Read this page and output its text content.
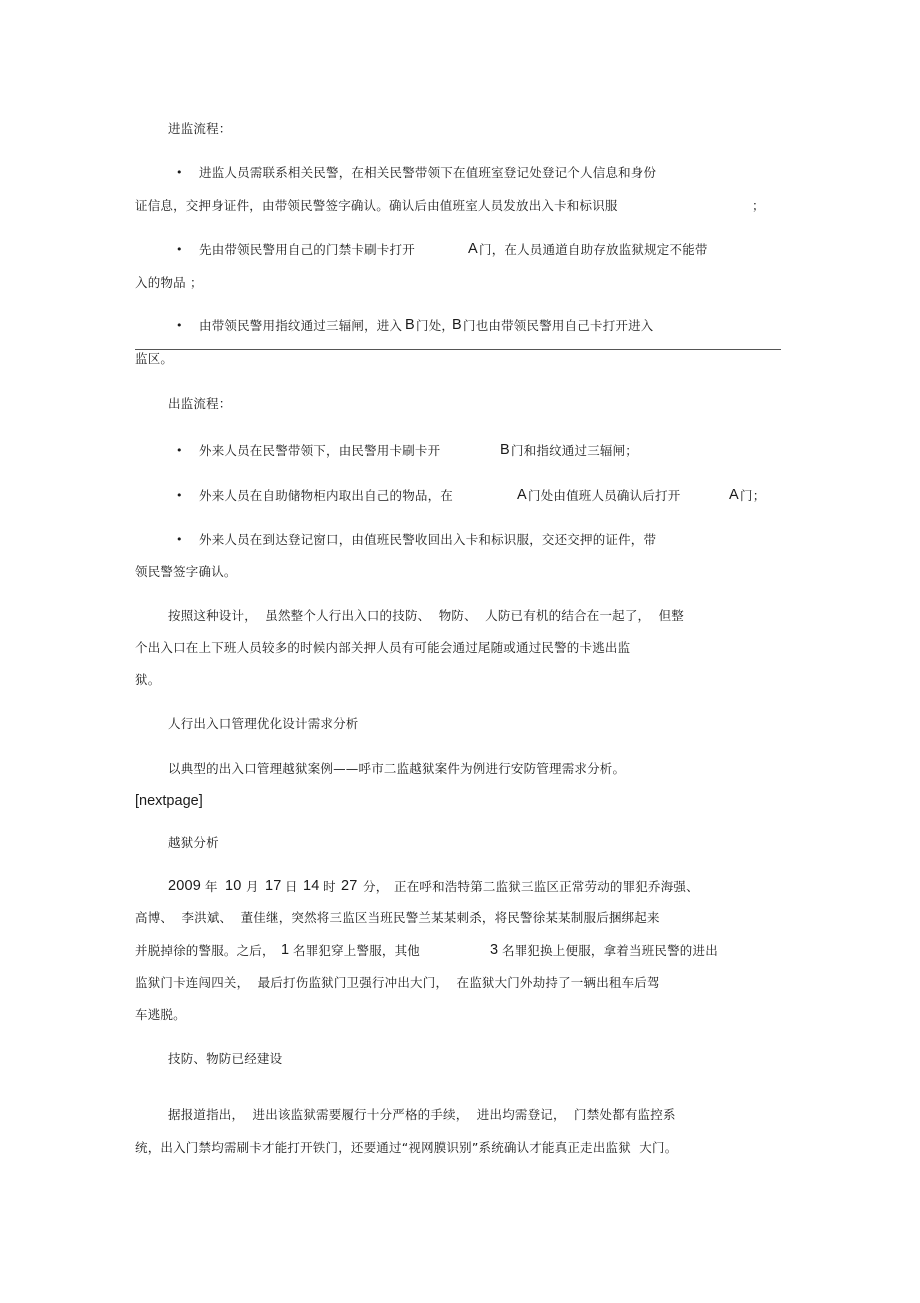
进监流程：
• 进监人员需联系相关民警，在相关民警带领下在值班室登记处登记个人信息和身份
证信息，交押身证件，由带领民警签字确认。确认后由值班室人员发放出入卡和标识服	；
• 先由带领民警用自己的门禁卡刷卡打开	A 门，在人员通道自助存放监狱规定不能带
入的物品 ；
• 由带领民警用指纹通过三辐闸，进入 B 门处，
B 门也由带领民警用自己卡打开进入
监区。
出监流程：
• 外来人员在民警带领下，由民警用卡刷卡开	B 门和指纹通过三辐闸；
• 外来人员在自助储物柜内取出自己的物品，在	A 门处由值班人员确认后打开	A 门；
• 外来人员在到达登记窗口，由值班民警收回出入卡和标识服，交还交押的证件，带
领民警签字确认。
按照这种设计，  虽然整个人行出入口的技防、  物防、  人防已有机的结合在一起了，  但整
个出入口在上下班人员较多的时候内部关押人员有可能会通过尾随或通过民警的卡逃出监
狱。
人行出入口管理优化设计需求分析
以典型的出入口管理越狱案例——呼市二监越狱案件为例进行安防管理需求分析。
[nextpage]
越狱分析
2009 年 10 月 17 日 14 时 27 分， 正在呼和浩特第二监狱三监区正常劳动的罪犯乔海强、
高博、  李洪斌、  董佳继，突然将三监区当班民警兰某某刺杀，将民警徐某某制服后捆绑起来
并脱掉徐的警服。之后， 1 名罪犯穿上警服，其他	3 名罪犯换上便服，拿着当班民警的进出
监狱门卡连闯四关，  最后打伤监狱门卫强行冲出大门，  在监狱大门外劫持了一辆出租车后驾
车逃脱。
技防、物防已经建设
据报道指出，  进出该监狱需要履行十分严格的手续，  进出均需登记，  门禁处都有监控系
统，出入门禁均需刷卡才能打开铁门，还要通过“视网膜识别”系统确认才能真正走出监狱  大门。
